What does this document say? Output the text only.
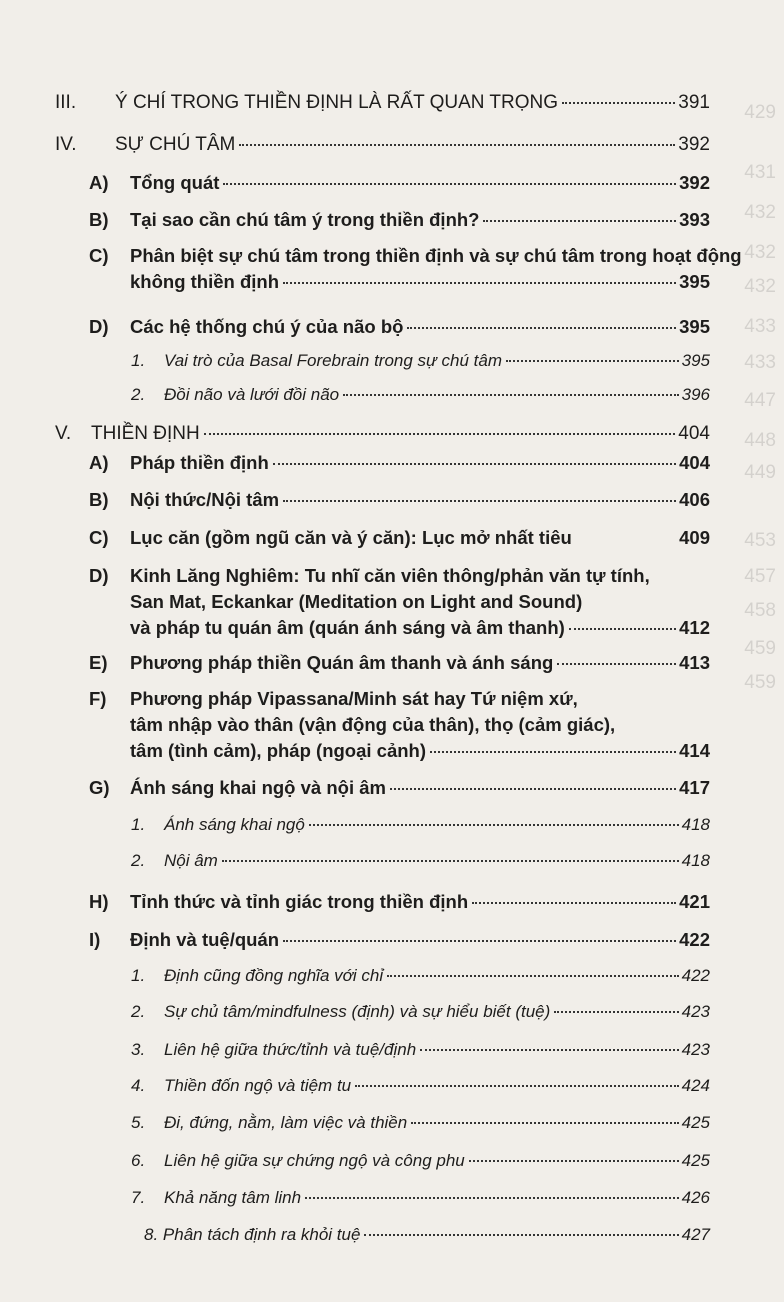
429
431
432
432
432
433
433
447
448
449
453
457
458
459
459
III. Ý CHÍ TRONG THIỀN ĐỊNH LÀ RẤT QUAN TRỌNG	391
IV. SỰ CHÚ TÂM	392
A) Tổng quát	392
B) Tại sao cần chú tâm ý trong thiền định?	393
C) Phân biệt sự chú tâm trong thiền định và sự chú tâm trong hoạt động
không thiền định	395
D) Các hệ thống chú ý của não bộ	395
1. Vai trò của Basal Forebrain trong sự chú tâm	395
2. Đồi não và lưới đồi não	396
V. THIỀN ĐỊNH	404
A) Pháp thiền định	404
B) Nội thức/Nội tâm	406
C) Lục căn (gồm ngũ căn và ý căn): Lục mở nhất tiêu	409
D) Kinh Lăng Nghiêm: Tu nhĩ căn viên thông/phản văn tự tính,
San Mat, Eckankar (Meditation on Light and Sound)
và pháp tu quán âm (quán ánh sáng và âm thanh)	412
E) Phương pháp thiền Quán âm thanh và ánh sáng	413
F) Phương pháp Vipassana/Minh sát hay Tứ niệm xứ,
tâm nhập vào thân (vận động của thân), thọ (cảm giác),
tâm (tình cảm), pháp (ngoại cảnh)	414
G) Ánh sáng khai ngộ và nội âm	417
1. Ánh sáng khai ngộ	418
2. Nội âm	418
H) Tỉnh thức và tỉnh giác trong thiền định	421
I) Định và tuệ/quán	422
1. Định cũng đồng nghĩa với chỉ	422
2. Sự chủ tâm/mindfulness (định) và sự hiểu biết (tuệ)	423
3. Liên hệ giữa thức/tỉnh và tuệ/định	423
4. Thiền đốn ngộ và tiệm tu	424
5. Đi, đứng, nằm, làm việc và thiền	425
6. Liên hệ giữa sự chứng ngộ và công phu	425
7. Khả năng tâm linh	426
8. Phân tách định ra khỏi tuệ	427
